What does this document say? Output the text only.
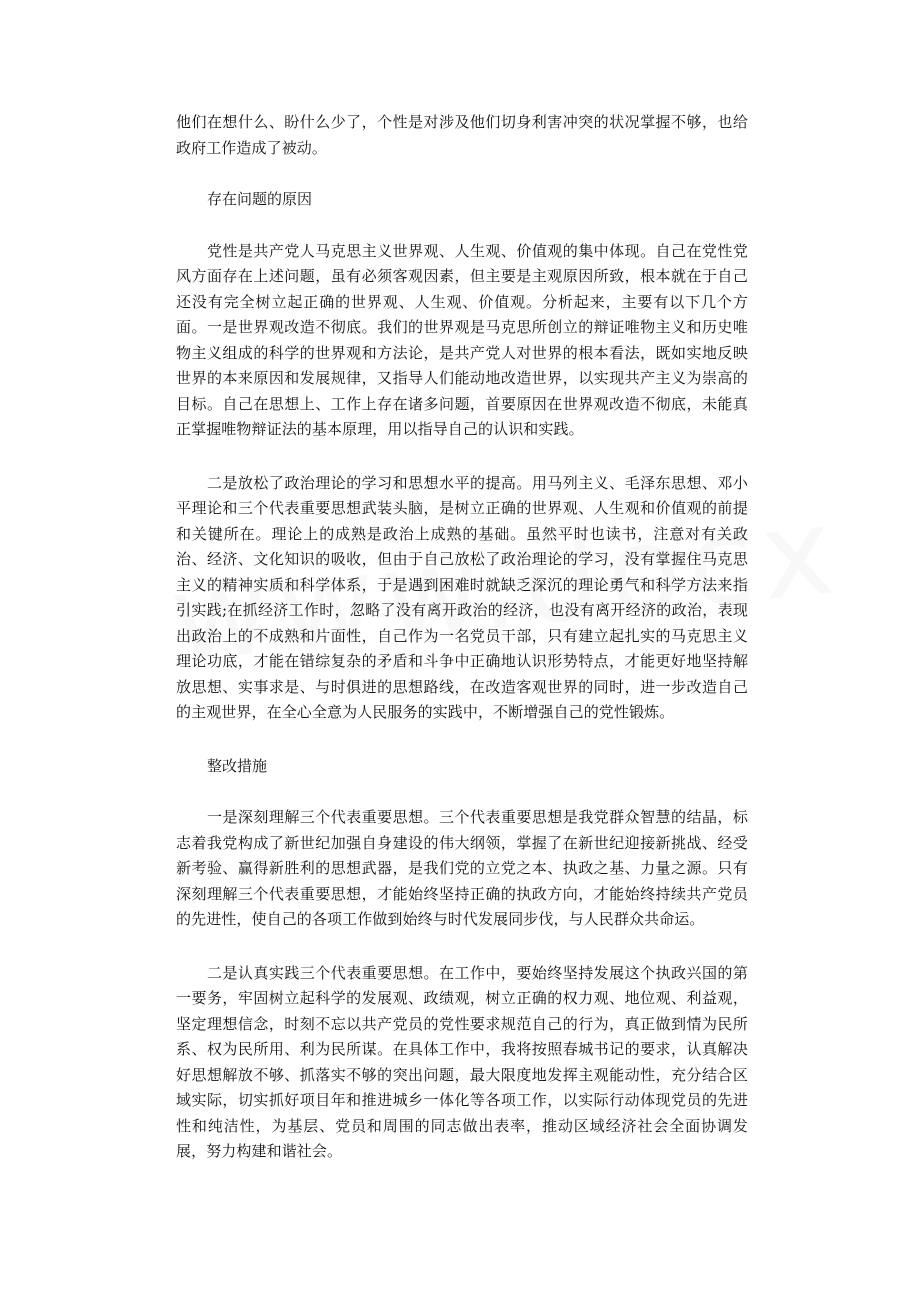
他们在想什么、盼什么少了，个性是对涉及他们切身利害冲突的状况掌握不够，也给政府工作造成了被动。

存在问题的原因

党性是共产党人马克思主义世界观、人生观、价值观的集中体现。自己在党性党风方面存在上述问题，虽有必须客观因素，但主要是主观原因所致，根本就在于自己还没有完全树立起正确的世界观、人生观、价值观。分析起来，主要有以下几个方面。一是世界观改造不彻底。我们的世界观是马克思所创立的辩证唯物主义和历史唯物主义组成的科学的世界观和方法论，是共产党人对世界的根本看法，既如实地反映世界的本来原因和发展规律，又指导人们能动地改造世界，以实现共产主义为崇高的目标。自己在思想上、工作上存在诸多问题，首要原因在世界观改造不彻底，未能真正掌握唯物辩证法的基本原理，用以指导自己的认识和实践。

二是放松了政治理论的学习和思想水平的提高。用马列主义、毛泽东思想、邓小平理论和三个代表重要思想武装头脑，是树立正确的世界观、人生观和价值观的前提和关键所在。理论上的成熟是政治上成熟的基础。虽然平时也读书，注意对有关政治、经济、文化知识的吸收，但由于自己放松了政治理论的学习，没有掌握住马克思主义的精神实质和科学体系，于是遇到困难时就缺乏深沉的理论勇气和科学方法来指引实践;在抓经济工作时，忽略了没有离开政治的经济，也没有离开经济的政治，表现出政治上的不成熟和片面性，自己作为一名党员干部，只有建立起扎实的马克思主义理论功底，才能在错综复杂的矛盾和斗争中正确地认识形势特点，才能更好地坚持解放思想、实事求是、与时俱进的思想路线，在改造客观世界的同时，进一步改造自己的主观世界，在全心全意为人民服务的实践中，不断增强自己的党性锻炼。

整改措施

一是深刻理解三个代表重要思想。三个代表重要思想是我党群众智慧的结晶，标志着我党构成了新世纪加强自身建设的伟大纲领，掌握了在新世纪迎接新挑战、经受新考验、赢得新胜利的思想武器，是我们党的立党之本、执政之基、力量之源。只有深刻理解三个代表重要思想，才能始终坚持正确的执政方向，才能始终持续共产党员的先进性，使自己的各项工作做到始终与时代发展同步伐，与人民群众共命运。

二是认真实践三个代表重要思想。在工作中，要始终坚持发展这个执政兴国的第一要务，牢固树立起科学的发展观、政绩观，树立正确的权力观、地位观、利益观，坚定理想信念，时刻不忘以共产党员的党性要求规范自己的行为，真正做到情为民所系、权为民所用、利为民所谋。在具体工作中，我将按照春城书记的要求，认真解决好思想解放不够、抓落实不够的突出问题，最大限度地发挥主观能动性，充分结合区域实际，切实抓好项目年和推进城乡一体化等各项工作，以实际行动体现党员的先进性和纯洁性，为基层、党员和周围的同志做出表率，推动区域经济社会全面协调发展，努力构建和谐社会。
